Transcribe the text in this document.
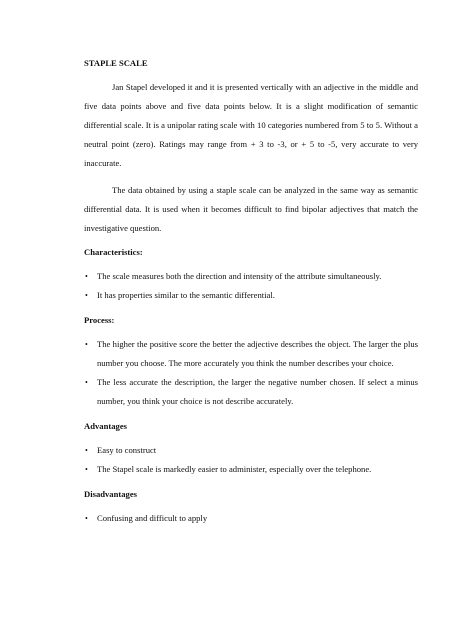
STAPLE SCALE

Jan Stapel developed it and it is presented vertically with an adjective in the middle and five data points above and five data points below. It is a slight modification of semantic differential scale. It is a unipolar rating scale with 10 categories numbered from 5 to 5. Without a neutral point (zero). Ratings may range from + 3 to -3, or + 5 to -5, very accurate to very inaccurate.

The data obtained by using a staple scale can be analyzed in the same way as semantic differential data. It is used when it becomes difficult to find bipolar adjectives that match the investigative question.

Characteristics:
• The scale measures both the direction and intensity of the attribute simultaneously.
• It has properties similar to the semantic differential.
Process:
• The higher the positive score the better the adjective describes the object. The larger the plus number you choose. The more accurately you think the number describes your choice.
• The less accurate the description, the larger the negative number chosen. If select a minus number, you think your choice is not describe accurately.
Advantages
• Easy to construct
• The Stapel scale is markedly easier to administer, especially over the telephone.
Disadvantages
• Confusing and difficult to apply
